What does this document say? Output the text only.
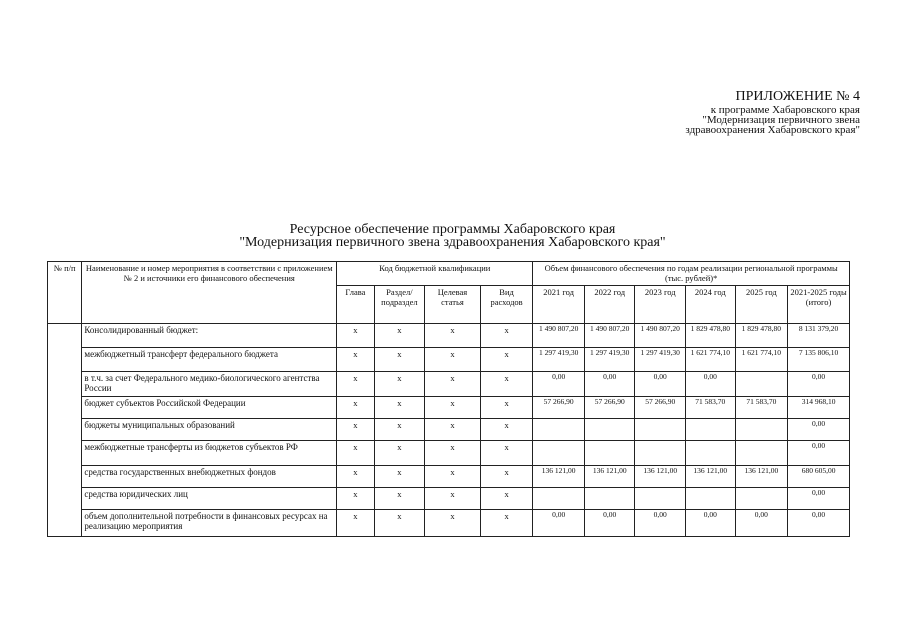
ПРИЛОЖЕНИЕ № 4
к программе Хабаровского края
"Модернизация первичного звена
здравоохранения Хабаровского края"
Ресурсное обеспечение программы Хабаровского края
"Модернизация первичного звена здравоохранения Хабаровского края"
№ п/п	Наименование и номер мероприятия в соответствии с приложением № 2 и источники его финансового обеспечения	Код бюджетной квалификации				Объем финансового обеспечения по годам реализации региональной программы (тыс. рублей)*					
		Глава	Раздел/ подраздел	Целевая статья	Вид расходов	2021 год	2022 год	2023 год	2024 год	2025 год	2021-2025 годы (итого)
	Консолидированный бюджет:	х	х	х	х	1 490 807,20	1 490 807,20	1 490 807,20	1 829 478,80	1 829 478,80	8 131 379,20
	межбюджетный трансферт федерального бюджета	х	х	х	х	1 297 419,30	1 297 419,30	1 297 419,30	1 621 774,10	1 621 774,10	7 135 806,10
	в т.ч. за счет Федерального медико-биологического агентства России	х	х	х	х	0,00	0,00	0,00	0,00		0,00
	бюджет субъектов Российской Федерации	х	х	х	х	57 266,90	57 266,90	57 266,90	71 583,70	71 583,70	314 968,10
	бюджеты муниципальных образований	х	х	х	х						0,00
	межбюджетные трансферты из бюджетов субъектов РФ	х	х	х	х						0,00
	средства государственных внебюджетных фондов	х	х	х	х	136 121,00	136 121,00	136 121,00	136 121,00	136 121,00	680 605,00
	средства юридических лиц	х	х	х	х						0,00
	объем дополнительной потребности в финансовых ресурсах на реализацию мероприятия	х	х	х	х	0,00	0,00	0,00	0,00	0,00	0,00
